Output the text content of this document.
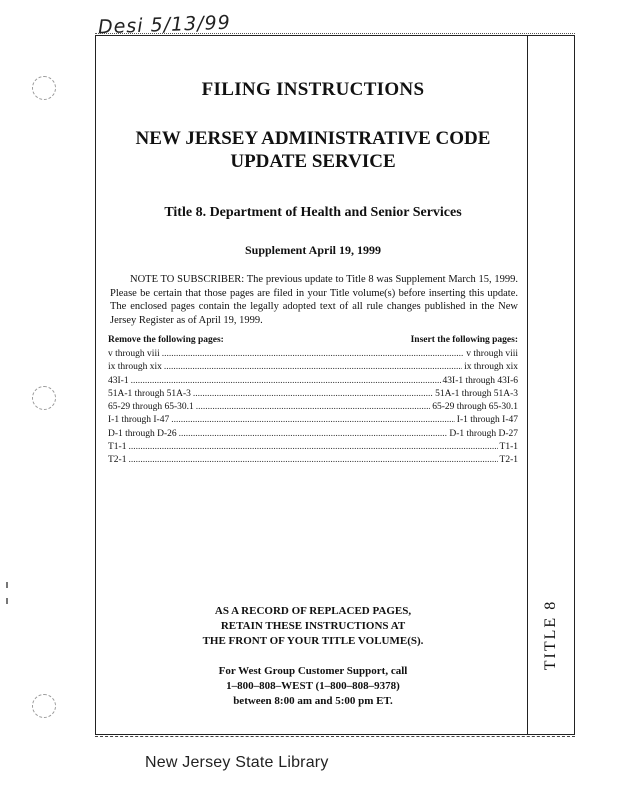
Desi 5/13/99
TITLE 8
FILING INSTRUCTIONS
NEW JERSEY ADMINISTRATIVE CODE
UPDATE SERVICE
Title 8. Department of Health and Senior Services
Supplement April 19, 1999

NOTE TO SUBSCRIBER: The previous update to Title 8 was Supplement March 15, 1999. Please be certain that those pages are filed in your Title volume(s) before inserting this update. The enclosed pages contain the legally adopted text of all rule changes published in the New Jersey Register as of April 19, 1999.

Remove the following pages:	Insert the following pages:
v through viii .....	v through viii
ix through xix .....	ix through xix
43I-1 .....	43I-1 through 43I-6
51A-1 through 51A-3 .....	51A-1 through 51A-3
65-29 through 65-30.1 .....	65-29 through 65-30.1
I-1 through I-47 .....	I-1 through I-47
D-1 through D-26 .....	D-1 through D-27
T1-1 .....	T1-1
T2-1 .....	T2-1
AS A RECORD OF REPLACED PAGES,
RETAIN THESE INSTRUCTIONS AT
THE FRONT OF YOUR TITLE VOLUME(S).
For West Group Customer Support, call
1–800–808–WEST (1–800–808–9378)
between 8:00 am and 5:00 pm ET.
New Jersey State Library
